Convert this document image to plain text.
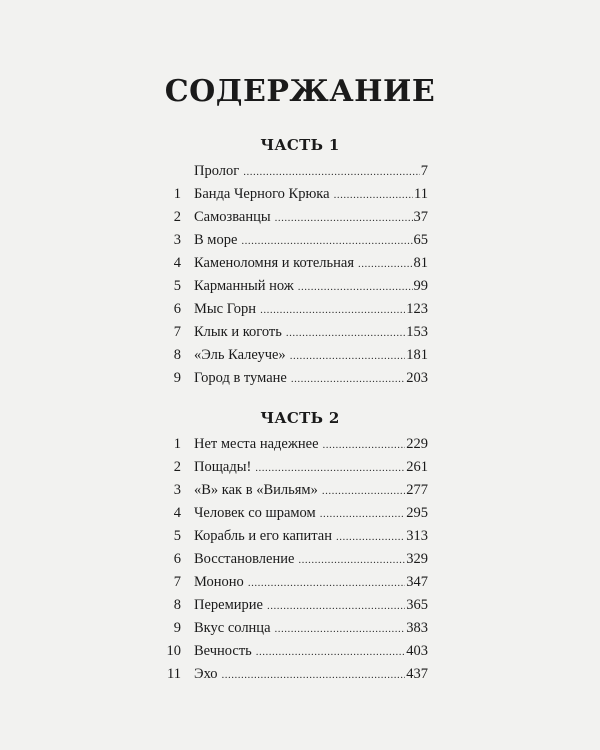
СОДЕРЖАНИЕ
ЧАСТЬ 1
Пролог .....	7
1 Банда Черного Крюка .....	11
2 Самозванцы .....	37
3 В море .....	65
4 Каменоломня и котельная .....	81
5 Карманный нож .....	99
6 Мыс Горн .....	123
7 Клык и коготь .....	153
8 «Эль Калеуче» .....	181
9 Город в тумане .....	203
ЧАСТЬ 2
1 Нет места надежнее .....	229
2 Пощады! .....	261
3 «В» как в «Вильям» .....	277
4 Человек со шрамом .....	295
5 Корабль и его капитан .....	313
6 Восстановление .....	329
7 Мононо .....	347
8 Перемирие .....	365
9 Вкус солнца .....	383
10 Вечность .....	403
11 Эхо .....	437
